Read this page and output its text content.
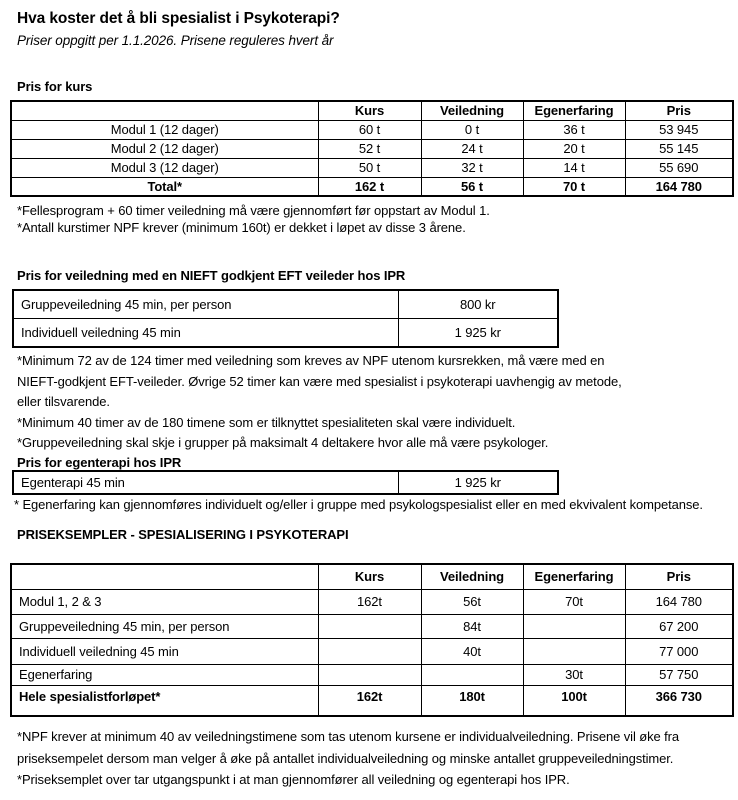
Hva koster det å bli spesialist i Psykoterapi?
Priser oppgitt per 1.1.2026. Prisene reguleres hvert år
Pris for kurs
	Kurs	Veiledning	Egenerfaring	Pris
Modul 1 (12 dager)	60 t	0 t	36 t	53 945
Modul 2 (12 dager)	52 t	24 t	20 t	55 145
Modul 3 (12 dager)	50 t	32 t	14 t	55 690
Total*	162 t	56 t	70 t	164 780
*Fellesprogram + 60 timer veiledning må være gjennomført før oppstart av Modul 1.
*Antall kurstimer NPF krever (minimum 160t) er dekket i løpet av disse 3 årene.
Pris for veiledning med en NIEFT godkjent EFT veileder hos IPR
Gruppeveiledning 45 min, per person	800 kr
Individuell veiledning 45 min	1 925 kr
*Minimum 72 av de 124 timer med veiledning som kreves av NPF utenom kursrekken, må være med en
NIEFT-godkjent EFT-veileder. Øvrige 52 timer kan være med spesialist i psykoterapi uavhengig av metode,
eller tilsvarende.
*Minimum 40 timer av de 180 timene som er tilknyttet spesialiteten skal være individuelt.
*Gruppeveiledning skal skje i grupper på maksimalt 4 deltakere hvor alle må være psykologer.
Pris for egenterapi hos IPR
Egenterapi 45 min	1 925 kr
* Egenerfaring kan gjennomføres individuelt og/eller i gruppe med psykologspesialist eller en med ekvivalent kompetanse.
PRISEKSEMPLER - SPESIALISERING I PSYKOTERAPI
	Kurs	Veiledning	Egenerfaring	Pris
Modul 1, 2 & 3	162t	56t	70t	164 780
Gruppeveiledning 45 min, per person		84t		67 200
Individuell veiledning 45 min		40t		77 000
Egenerfaring			30t	57 750
Hele spesialistforløpet*	162t	180t	100t	366 730
*NPF krever at minimum 40 av veiledningstimene som tas utenom kursene er individualveiledning. Prisene vil øke fra
priseksempelet dersom man velger å øke på antallet individualveiledning og minske antallet gruppeveiledningstimer.
*Priseksemplet over tar utgangspunkt i at man gjennomfører all veiledning og egenterapi hos IPR.
